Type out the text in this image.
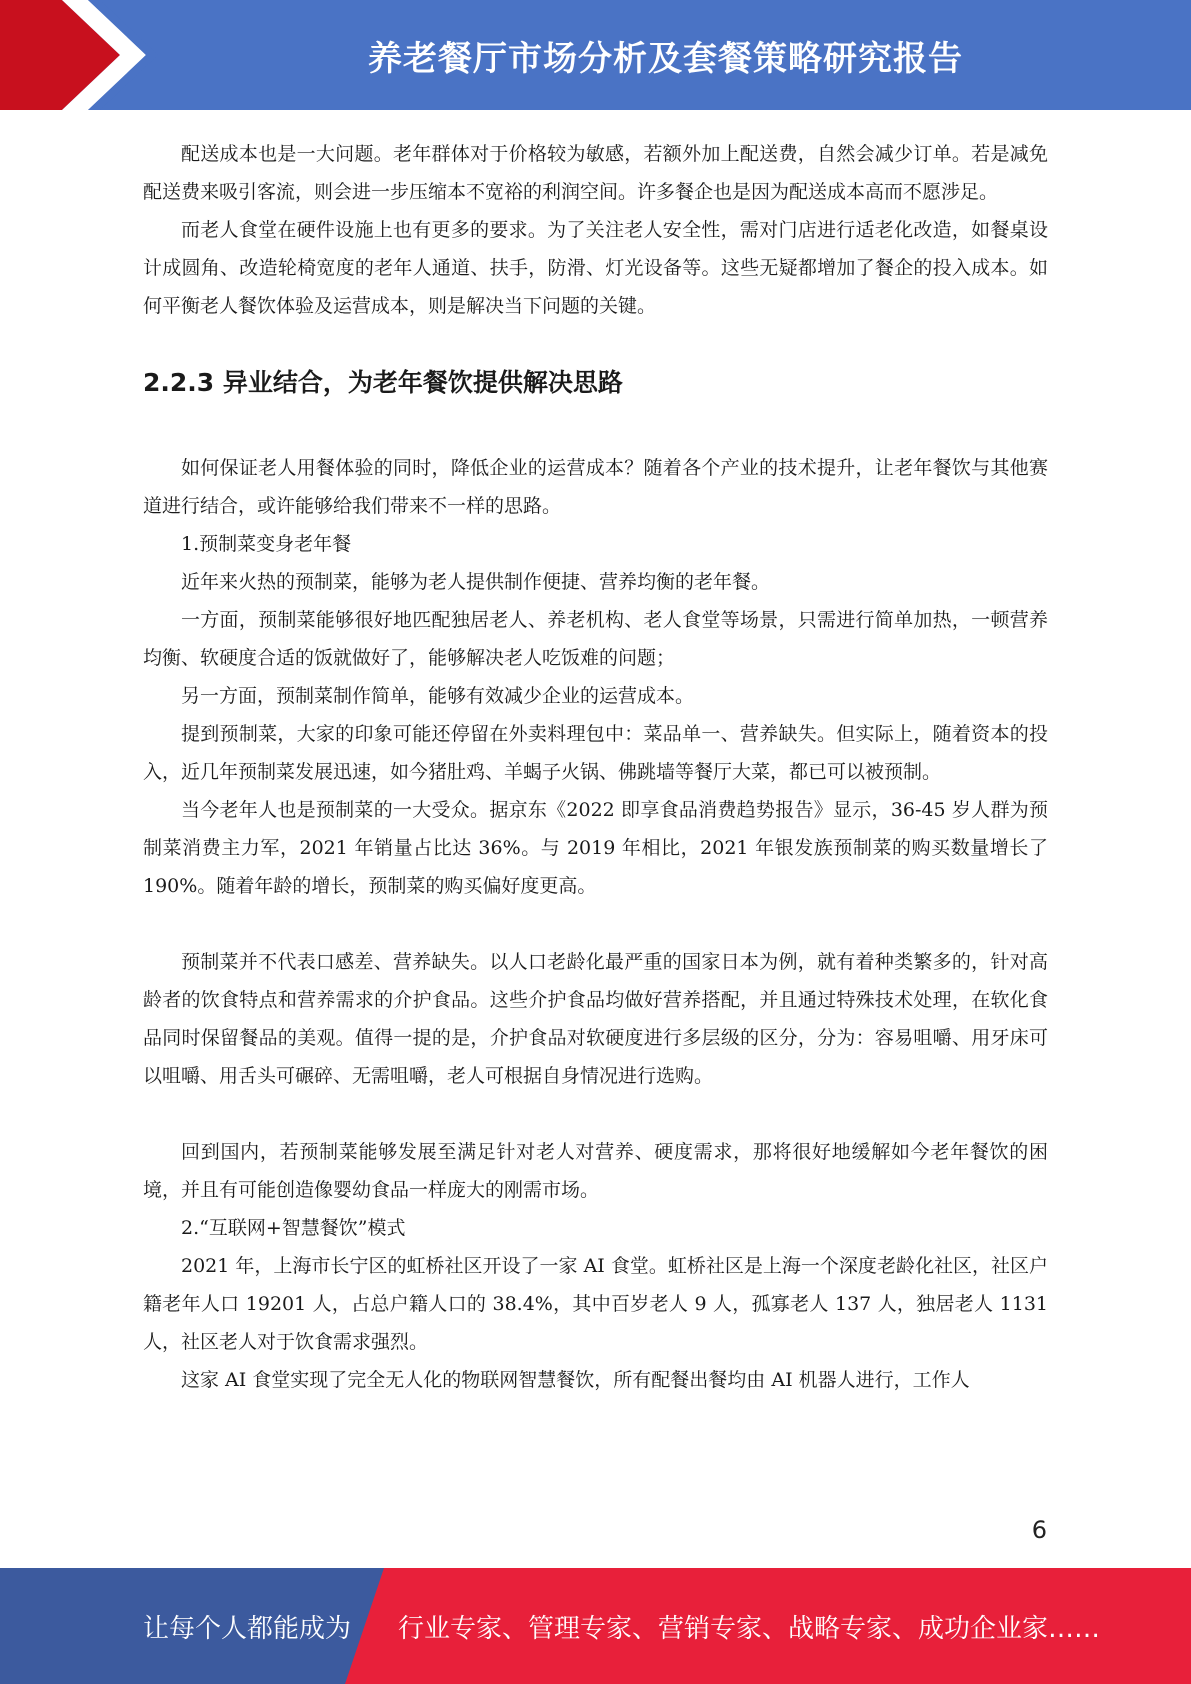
养老餐厅市场分析及套餐策略研究报告

配送成本也是一大问题。老年群体对于价格较为敏感，若额外加上配送费，自然会减少订单。若是减免配送费来吸引客流，则会进一步压缩本不宽裕的利润空间。许多餐企也是因为配送成本高而不愿涉足。

而老人食堂在硬件设施上也有更多的要求。为了关注老人安全性，需对门店进行适老化改造，如餐桌设计成圆角、改造轮椅宽度的老年人通道、扶手，防滑、灯光设备等。这些无疑都增加了餐企的投入成本。如何平衡老人餐饮体验及运营成本，则是解决当下问题的关键。

2.2.3 异业结合，为老年餐饮提供解决思路

如何保证老人用餐体验的同时，降低企业的运营成本？随着各个产业的技术提升，让老年餐饮与其他赛道进行结合，或许能够给我们带来不一样的思路。

1.预制菜变身老年餐

近年来火热的预制菜，能够为老人提供制作便捷、营养均衡的老年餐。

一方面，预制菜能够很好地匹配独居老人、养老机构、老人食堂等场景，只需进行简单加热，一顿营养均衡、软硬度合适的饭就做好了，能够解决老人吃饭难的问题；

另一方面，预制菜制作简单，能够有效减少企业的运营成本。

提到预制菜，大家的印象可能还停留在外卖料理包中：菜品单一、营养缺失。但实际上，随着资本的投入，近几年预制菜发展迅速，如今猪肚鸡、羊蝎子火锅、佛跳墙等餐厅大菜，都已可以被预制。

当今老年人也是预制菜的一大受众。据京东《2022 即享食品消费趋势报告》显示，36-45 岁人群为预制菜消费主力军，2021 年销量占比达 36%。与 2019 年相比，2021 年银发族预制菜的购买数量增长了 190%。随着年龄的增长，预制菜的购买偏好度更高。

预制菜并不代表口感差、营养缺失。以人口老龄化最严重的国家日本为例，就有着种类繁多的，针对高龄者的饮食特点和营养需求的介护食品。这些介护食品均做好营养搭配，并且通过特殊技术处理，在软化食品同时保留餐品的美观。值得一提的是，介护食品对软硬度进行多层级的区分，分为：容易咀嚼、用牙床可以咀嚼、用舌头可碾碎、无需咀嚼，老人可根据自身情况进行选购。

回到国内，若预制菜能够发展至满足针对老人对营养、硬度需求，那将很好地缓解如今老年餐饮的困境，并且有可能创造像婴幼食品一样庞大的刚需市场。

2.“互联网+智慧餐饮”模式

2021 年，上海市长宁区的虹桥社区开设了一家 AI 食堂。虹桥社区是上海一个深度老龄化社区，社区户籍老年人口 19201 人，占总户籍人口的 38.4%，其中百岁老人 9 人，孤寡老人 137 人，独居老人 1131 人，社区老人对于饮食需求强烈。

这家 AI 食堂实现了完全无人化的物联网智慧餐饮，所有配餐出餐均由 AI 机器人进行，工作人

6
让每个人都能成为 行业专家、管理专家、营销专家、战略专家、成功企业家……
